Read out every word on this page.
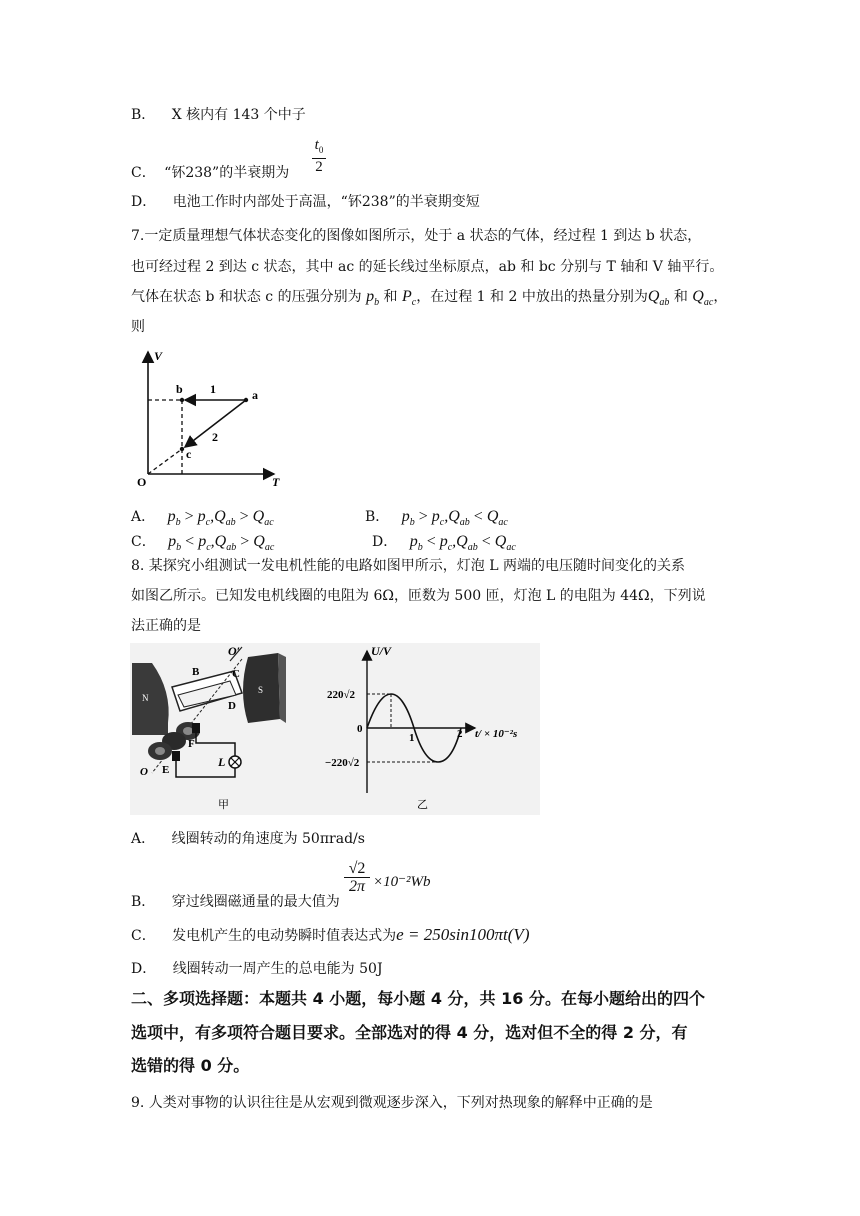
B． X 核内有 143 个中子
$\frac{t_0}{2}$
C． “钚238”的半衰期为
D． 电池工作时内部处于高温，“钚238”的半衰期变短
7.一定质量理想气体状态变化的图像如图所示，处于 a 状态的气体，经过程 1 到达 b 状态，
也可经过程 2 到达 c 状态，其中 ac 的延长线过坐标原点，ab 和 bc 分别与 T 轴和 V 轴平行。
气体在状态 b 和状态 c 的压强分别为 $p_b$ 和 $P_c$，在过程 1 和 2 中放出的热量分别为$Q_{ab}$ 和 $Q_{ac}$，
则
V
T
O
a
b
c
1
2
A． $p_b > p_c,Q_{ab} > Q_{ac}$	B． $p_b > p_c,Q_{ab} < Q_{ac}$
C． $p_b < p_c,Q_{ab} > Q_{ac}$	D． $p_b < p_c,Q_{ab} < Q_{ac}$
8. 某探究小组测试一发电机性能的电路如图甲所示，灯泡 L 两端的电压随时间变化的关系
如图乙所示。已知发电机线圈的电阻为 6Ω，匝数为 500 匝，灯泡 L 的电阻为 44Ω，下列说
法正确的是
N
S
O′
B	C
D
F
E
O
L
甲
U/V
220√2
0
−220√2
1	2 t/ × 10⁻²s
乙
A． 线圈转动的角速度为 50πrad/s
$\frac{√2}{2\pi} \times 10^{-2}Wb$
B． 穿过线圈磁通量的最大值为
C． 发电机产生的电动势瞬时值表达式为e = 250sin100πt(V)
D． 线圈转动一周产生的总电能为 50J
二、多项选择题：本题共 4 小题，每小题 4 分，共 16 分。在每小题给出的四个
选项中，有多项符合题目要求。全部选对的得 4 分，选对但不全的得 2 分，有
选错的得 0 分。
9. 人类对事物的认识往往是从宏观到微观逐步深入，下列对热现象的解释中正确的是
